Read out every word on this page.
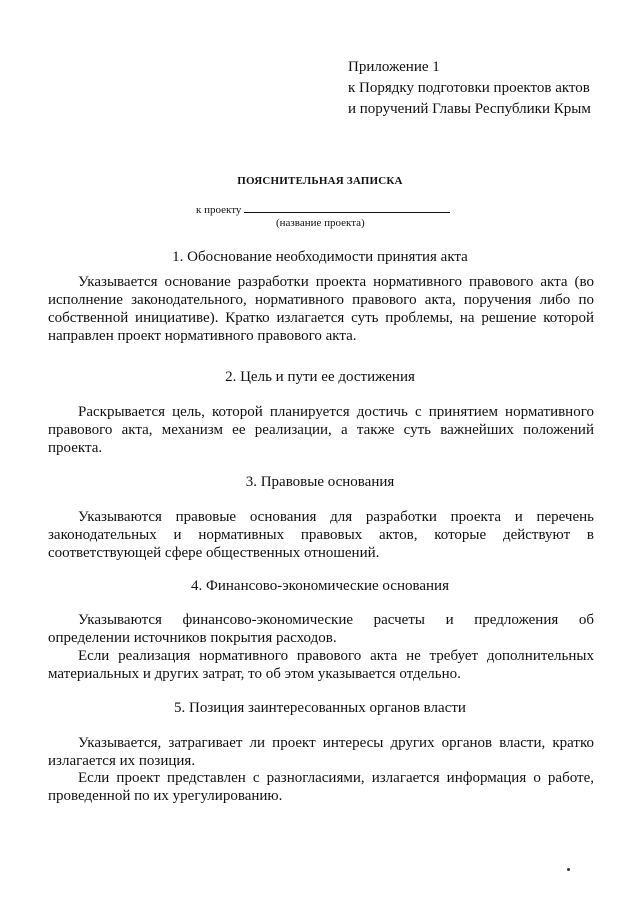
Приложение 1
к Порядку подготовки проектов актов
и поручений Главы Республики Крым
ПОЯСНИТЕЛЬНАЯ ЗАПИСКА
к проекту
(название проекта)
1. Обоснование необходимости принятия акта

Указывается основание разработки проекта нормативного правового акта (во исполнение законодательного, нормативного правового акта, поручения либо по собственной инициативе). Кратко излагается суть проблемы, на решение которой направлен проект нормативного правового акта.

2. Цель и пути ее достижения

Раскрывается цель, которой планируется достичь с принятием нормативного правового акта, механизм ее реализации, а также суть важнейших положений проекта.

3. Правовые основания

Указываются правовые основания для разработки проекта и перечень законодательных и нормативных правовых актов, которые действуют в соответствующей сфере общественных отношений.

4. Финансово-экономические основания

Указываются финансово-экономические расчеты и предложения об определении источников покрытия расходов.

Если реализация нормативного правового акта не требует дополнительных материальных и других затрат, то об этом указывается отдельно.

5. Позиция заинтересованных органов власти

Указывается, затрагивает ли проект интересы других органов власти, кратко излагается их позиция.

Если проект представлен с разногласиями, излагается информация о работе, проведенной по их урегулированию.
